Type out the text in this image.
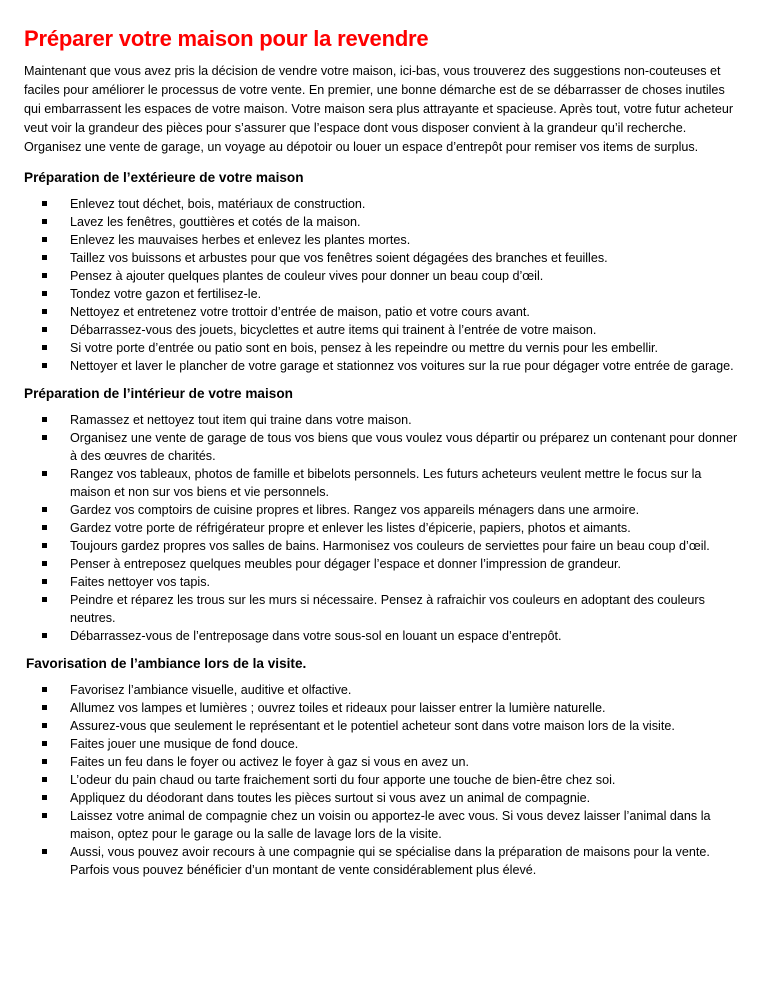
Préparer votre maison pour la revendre

Maintenant que vous avez pris la décision de vendre votre maison, ici-bas, vous trouverez des suggestions non-couteuses et faciles pour améliorer le processus de votre vente. En premier, une bonne démarche est de se débarrasser de choses inutiles qui embarrassent les espaces de votre maison. Votre maison sera plus attrayante et spacieuse. Après tout, votre futur acheteur veut voir la grandeur des pièces pour s’assurer que l’espace dont vous disposer convient à la grandeur qu’il recherche. Organisez une vente de garage, un voyage au dépotoir ou louer un espace d’entrepôt pour remiser vos items de surplus.

Préparation de l’extérieure de votre maison
Enlevez tout déchet, bois, matériaux de construction.
Lavez les fenêtres, gouttières et cotés de la maison.
Enlevez les mauvaises herbes et enlevez les plantes mortes.
Taillez vos buissons et arbustes pour que vos fenêtres soient dégagées des branches et feuilles.
Pensez à ajouter quelques plantes de couleur vives pour donner un beau coup d’œil.
Tondez votre gazon et fertilisez-le.
Nettoyez et entretenez votre trottoir d’entrée de maison, patio et votre cours avant.
Débarrassez-vous des jouets, bicyclettes et autre items qui trainent à l’entrée de votre maison.
Si votre porte d’entrée ou patio sont en bois, pensez à les repeindre ou mettre du vernis pour les embellir.
Nettoyer et laver le plancher de votre garage et stationnez vos voitures sur la rue pour dégager votre entrée de garage.
Préparation de l’intérieur de votre maison
Ramassez et nettoyez tout item qui traine dans votre maison.
Organisez une vente de garage de tous vos biens que vous voulez vous départir ou préparez un contenant pour donner à des œuvres de charités.
Rangez vos tableaux, photos de famille et bibelots personnels. Les futurs acheteurs veulent mettre le focus sur la maison et non sur vos biens et vie personnels.
Gardez vos comptoirs de cuisine propres et libres. Rangez vos appareils ménagers dans une armoire.
Gardez votre porte de réfrigérateur propre et enlever les listes d’épicerie, papiers, photos et aimants.
Toujours gardez propres vos salles de bains. Harmonisez vos couleurs de serviettes pour faire un beau coup d’œil.
Penser à entreposez quelques meubles pour dégager l’espace et donner l’impression de grandeur.
Faites nettoyer vos tapis.
Peindre et réparez les trous sur les murs si nécessaire. Pensez à rafraichir vos couleurs en adoptant des couleurs neutres.
Débarrassez-vous de l’entreposage dans votre sous-sol en louant un espace d’entrepôt.
Favorisation de l’ambiance lors de la visite.
Favorisez l’ambiance visuelle, auditive et olfactive.
Allumez vos lampes et lumières ; ouvrez toiles et rideaux pour laisser entrer la lumière naturelle.
Assurez-vous que seulement le représentant et le potentiel acheteur sont dans votre maison lors de la visite.
Faites jouer une musique de fond douce.
Faites un feu dans le foyer ou activez le foyer à gaz si vous en avez un.
L’odeur du pain chaud ou tarte fraichement sorti du four apporte une touche de bien-être chez soi.
Appliquez du déodorant dans toutes les pièces surtout si vous avez un animal de compagnie.
Laissez votre animal de compagnie chez un voisin ou apportez-le avec vous. Si vous devez laisser l’animal dans la maison, optez pour le garage ou la salle de lavage lors de la visite.
Aussi, vous pouvez avoir recours à une compagnie qui se spécialise dans la préparation de maisons pour la vente. Parfois vous pouvez bénéficier d’un montant de vente considérablement plus élevé.
